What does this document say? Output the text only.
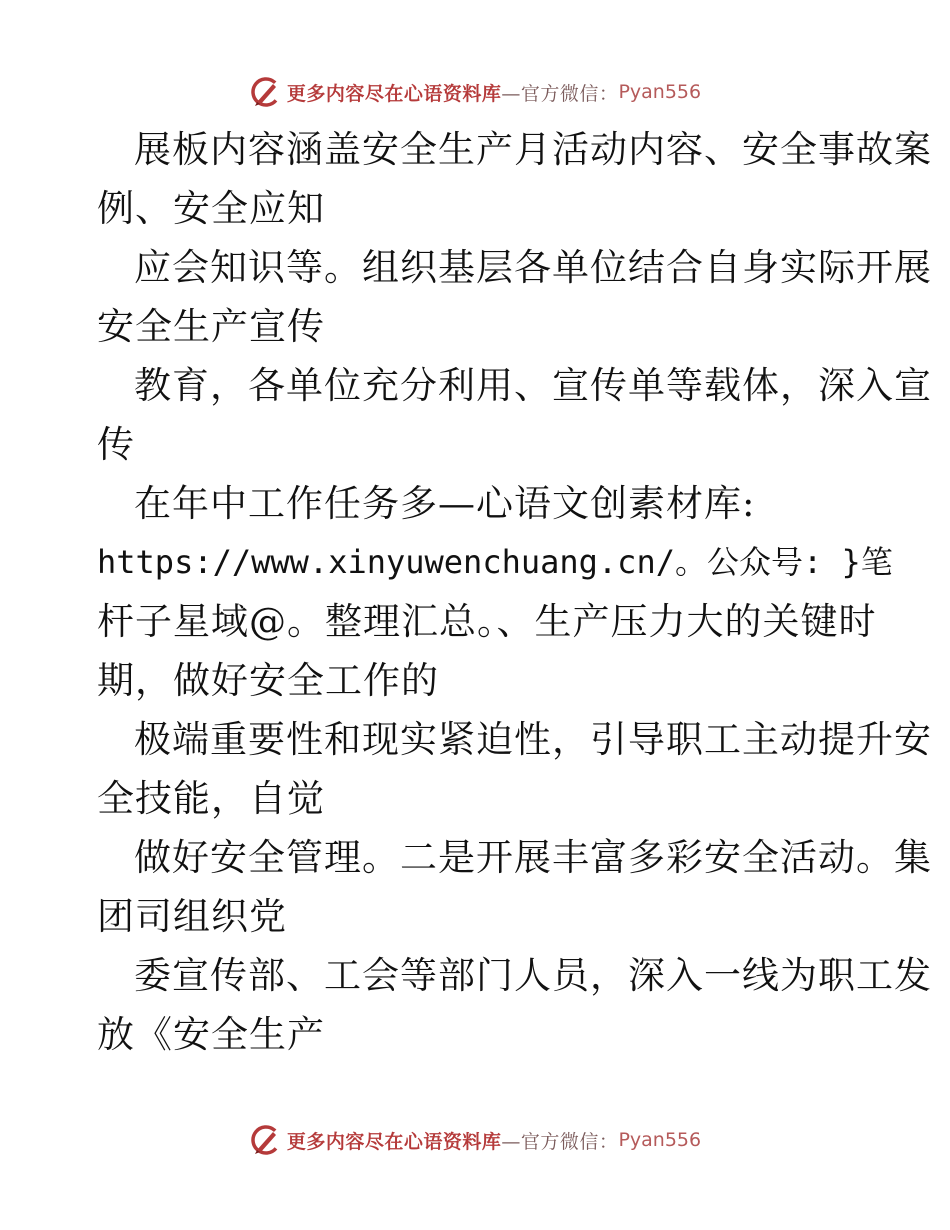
更多内容尽在心语资料库 —官方微信： Pyan556
展板内容涵盖安全生产月活动内容、安全事故案
例、安全应知
应会知识等。组织基层各单位结合自身实际开展
安全生产宣传
教育，各单位充分利用、宣传单等载体，深入宣
传
在年中工作任务多—心语文创素材库:
https://www.xinyuwenchuang.cn/。公众号: }笔
杆子星域@。整理汇总。、生产压力大的关键时
期，做好安全工作的
极端重要性和现实紧迫性，引导职工主动提升安
全技能，自觉
做好安全管理。二是开展丰富多彩安全活动。集
团司组织党
委宣传部、工会等部门人员，深入一线为职工发
放《安全生产
更多内容尽在心语资料库 —官方微信： Pyan556
